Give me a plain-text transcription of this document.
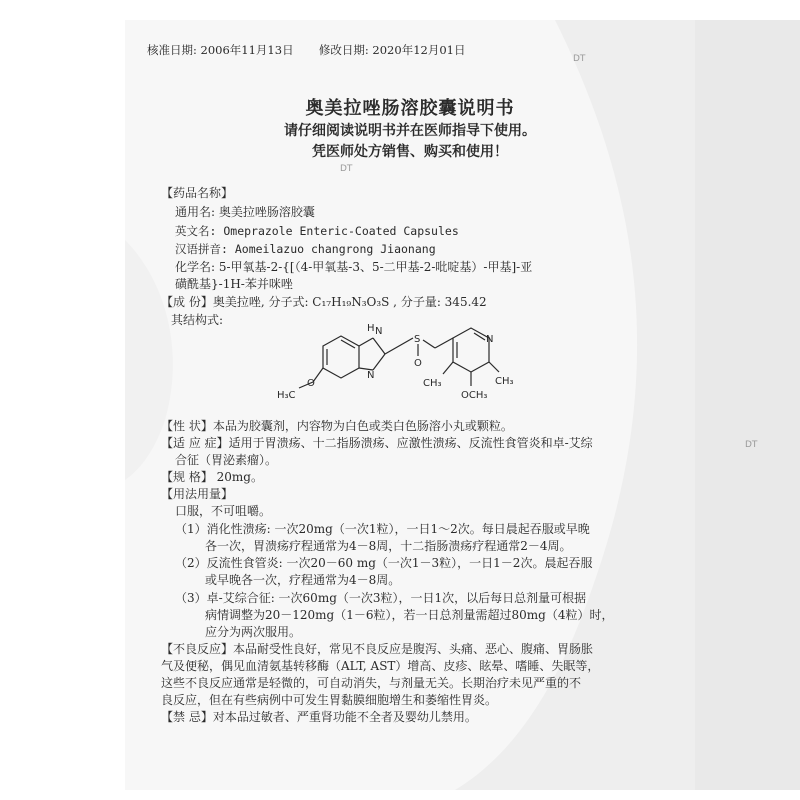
DT
DT
核准日期: 2006年11月13日 修改日期: 2020年12月01日
奥美拉唑肠溶胶囊说明书
请仔细阅读说明书并在医师指导下使用。
凭医师处方销售、购买和使用！
【药品名称】
通用名: 奥美拉唑肠溶胶囊
英文名: Omeprazole Enteric-Coated Capsules
汉语拼音: Aomeilazuo changrong Jiaonang
化学名: 5-甲氧基-2-{[（4-甲氧基-3、5-二甲基-2-吡啶基）-甲基]-亚
磺酰基}-1H-苯并咪唑
【成 份】奥美拉唑, 分子式: C₁₇H₁₉N₃O₃S , 分子量: 345.42
其结构式:
H N
N
S
O
N
H₃C
O	CH₃	CH₃
OCH₃
【性 状】本品为胶囊剂，内容物为白色或类白色肠溶小丸或颗粒。
【适 应 症】适用于胃溃疡、十二指肠溃疡、应激性溃疡、反流性食管炎和卓-艾综
合征（胃泌素瘤）。
【规 格】 20mg。
【用法用量】
口服，不可咀嚼。
（1）消化性溃疡: 一次20mg（一次1粒），一日1～2次。每日晨起吞服或早晚
各一次，胃溃疡疗程通常为4－8周，十二指肠溃疡疗程通常2－4周。
（2）反流性食管炎: 一次20－60 mg（一次1－3粒），一日1－2次。晨起吞服
或早晚各一次，疗程通常为4－8周。
（3）卓-艾综合征: 一次60mg（一次3粒），一日1次，以后每日总剂量可根据
病情调整为20－120mg（1－6粒），若一日总剂量需超过80mg（4粒）时，
应分为两次服用。
【不良反应】本品耐受性良好，常见不良反应是腹泻、头痛、恶心、腹痛、胃肠胀
气及便秘，偶见血清氨基转移酶（ALT, AST）增高、皮疹、眩晕、嗜睡、失眠等，
这些不良反应通常是轻微的，可自动消失，与剂量无关。长期治疗未见严重的不
良反应，但在有些病例中可发生胃黏膜细胞增生和萎缩性胃炎。
【禁 忌】对本品过敏者、严重肾功能不全者及婴幼儿禁用。
DT
